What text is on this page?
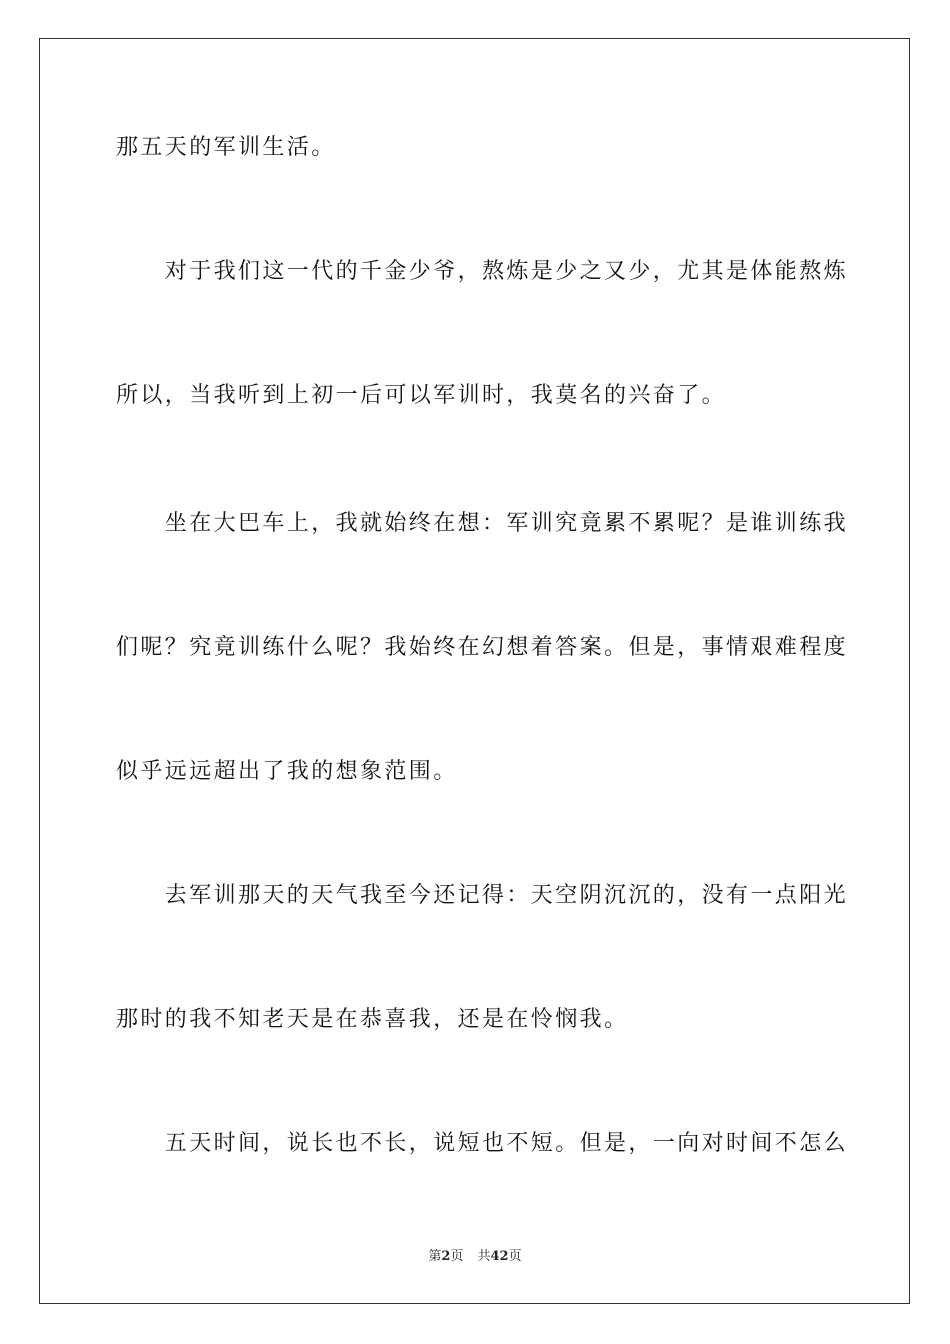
那五天的军训生活。
　　对于我们这一代的千金少爷，熬炼是少之又少，尤其是体能熬炼
所以，当我听到上初一后可以军训时，我莫名的兴奋了。
　　坐在大巴车上，我就始终在想：军训究竟累不累呢？是谁训练我
们呢？究竟训练什么呢？我始终在幻想着答案。但是，事情艰难程度
似乎远远超出了我的想象范围。
　　去军训那天的天气我至今还记得：天空阴沉沉的，没有一点阳光
那时的我不知老天是在恭喜我，还是在怜悯我。
　　五天时间，说长也不长，说短也不短。但是，一向对时间不怎么
第2页 共42页
